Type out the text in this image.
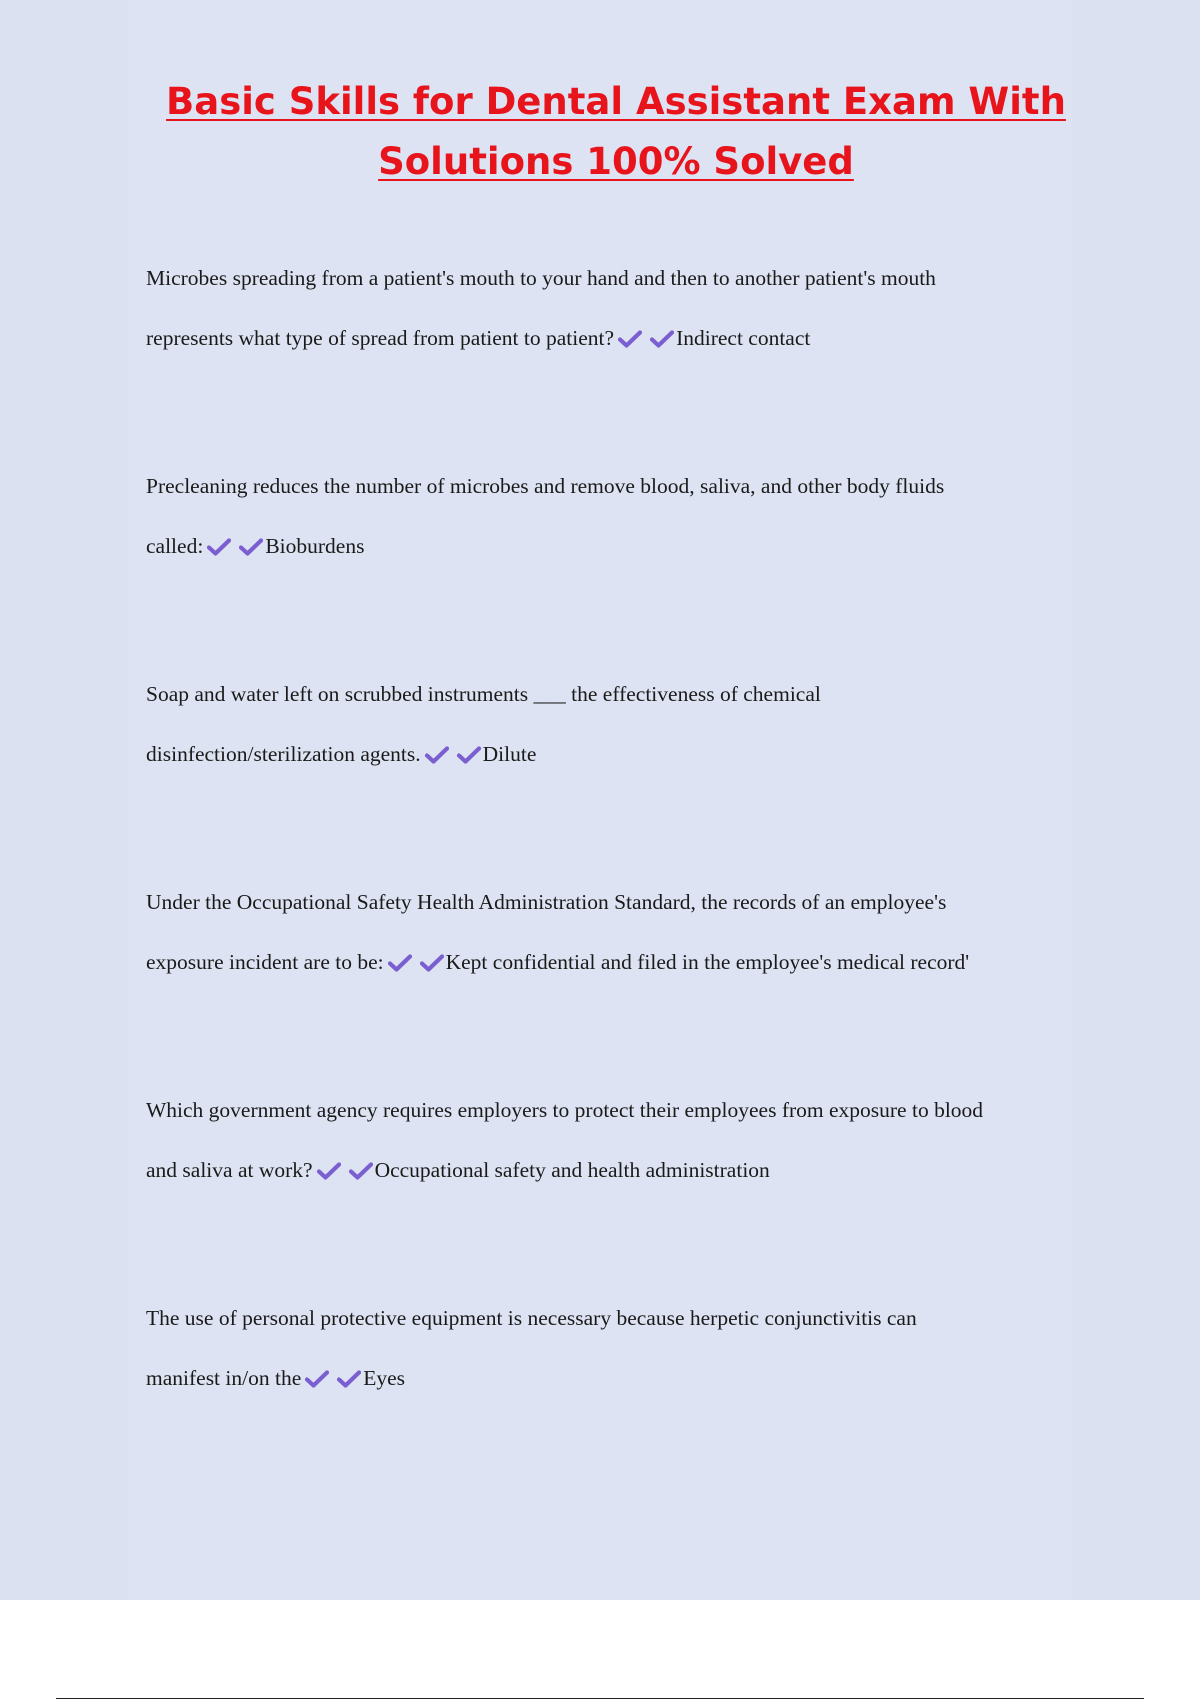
Basic Skills for Dental Assistant Exam With
Solutions 100% Solved
Microbes spreading from a patient's mouth to your hand and then to another patient's mouth
represents what type of spread from patient to patient?	Indirect contact
Precleaning reduces the number of microbes and remove blood, saliva, and other body fluids
called:	Bioburdens
Soap and water left on scrubbed instruments ___ the effectiveness of chemical
disinfection/sterilization agents.	Dilute
Under the Occupational Safety Health Administration Standard, the records of an employee's
exposure incident are to be:	Kept confidential and filed in the employee's medical record'
Which government agency requires employers to protect their employees from exposure to blood
and saliva at work?	Occupational safety and health administration
The use of personal protective equipment is necessary because herpetic conjunctivitis can
manifest in/on the	Eyes
